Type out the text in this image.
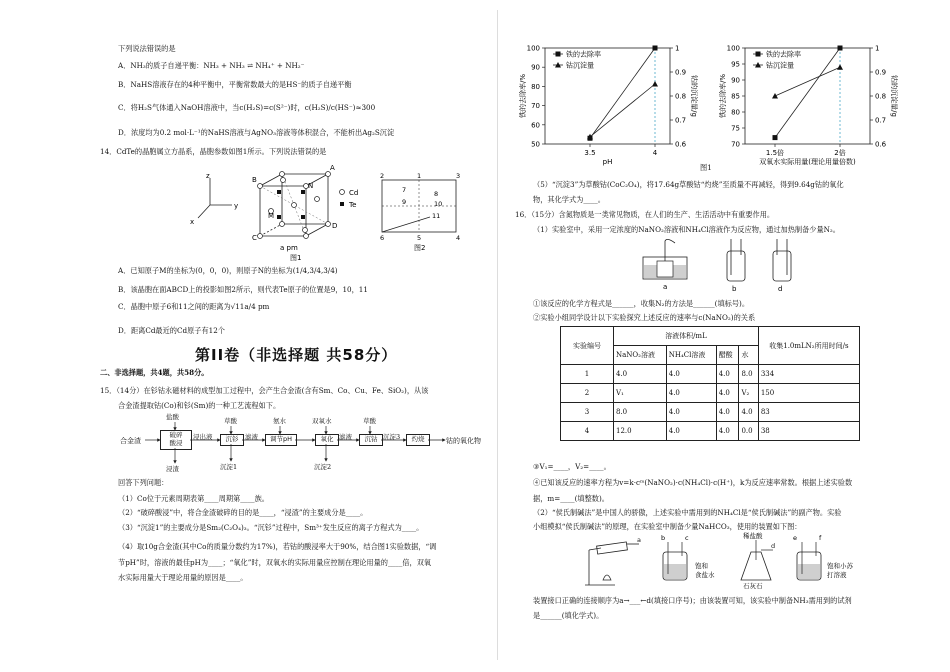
下列说法错误的是
A．NH₃的质子自递平衡：NH₃ + NH₃ ⇌ NH₄⁺ + NH₂⁻
B．NaHS溶液存在的4种平衡中，平衡常数最大的是HS⁻的质子自递平衡
C．将H₂S气体通入NaOH溶液中，当c(H₂S)=c(S²⁻)时，c(H₂S)/c(HS⁻)≈300
D．浓度均为0.2 mol·L⁻¹的NaHS溶液与AgNO₃溶液等体积混合，不能析出Ag₂S沉淀
14．CdTe的晶胞属立方晶系，晶胞参数如图1所示。下列说法错误的是
z
y
x
B
A
C
D
M
N
a pm
图1
Cd
Te
2	1	3
7	8
9	10
11
6	5	4
图2
A．已知原子M的坐标为(0，0，0)，则原子N的坐标为(1/4,3/4,3/4)
B．该晶胞在面ABCD上的投影如图2所示，则代表Te原子的位置是9，10，11
C．晶胞中原子6和11之间的距离为√11a/4 pm
D．距离Cd最近的Cd原子有12个
第II卷（非选择题 共58分）
二、非选择题，共4题，共58分。
15．（14分）在钐钴永磁材料的成型加工过程中，会产生合金渣(含有Sm、Co、Cu、Fe、SiO₂)，从该
合金渣提取钴(Co)和钐(Sm)的一种工艺流程如下。
合金渣
破碎
酸浸	沉钐	调节pH	氧化	沉钴	灼烧	钴的氧化物
盐酸	草酸	氨水	双氧水	草酸
浸出液	滤液	滤液	沉淀3
浸渣	沉淀1	沉淀2
回答下列问题：
（1）Co位于元素周期表第____周期第____族。
（2）“破碎酸浸”中，将合金渣破碎的目的是____，“浸渣”的主要成分是____。
（3）“沉淀1”的主要成分是Sm₂(C₂O₄)₃。“沉钐”过程中，Sm³⁺发生反应的离子方程式为____。
（4）取10g合金渣(其中Co的质量分数约为17%)，若钴的酸浸率大于90%，结合图1实验数据，“调
节pH”时，溶液的最佳pH为____；“氧化”时，双氧水的实际用量应控制在理论用量的____倍，双氧
水实际用量大于理论用量的原因是____。
50
60
70
80
90
100
0.6
0.7
0.8
0.9
1
3.5	4
铁的去除率
钴沉淀量
铁的去除率/%	钴的沉淀量/g
pH
70
75
80
85
90
95
100
0.6
0.7
0.8
0.9
1
1.5倍	2倍
铁的去除率
钴沉淀量
铁的去除率/%	钴的沉淀量/g
双氧水实际用量(理论用量倍数)
图1
（5）“沉淀3”为草酸钴(CoC₂O₄)，将17.64g草酸钴“灼烧”至质量不再减轻，得到9.64g钴的氧化
物，其化学式为____。
16．（15分）含氮物质是一类常见物质，在人们的生产、生活活动中有重要作用。
（1）实验室中，采用一定浓度的NaNO₂溶液和NH₄Cl溶液作为反应物，通过加热制备少量N₂。
a	b	d
①该反应的化学方程式是______，收集N₂的方法是______(填标号)。
②实验小组同学设计以下实验探究上述反应的速率与c(NaNO₂)的关系
实验编号	溶液体积/mL				收集1.0mLN₂所用时间/s
	NaNO₂溶液	NH₄Cl溶液	醋酸	水	
1	4.0	4.0	4.0	8.0	334
2	V₁	4.0	4.0	V₂	150
3	8.0	4.0	4.0	4.0	83
4	12.0	4.0	4.0	0.0	38
③V₁=____，V₂=____。
④已知该反应的速率方程为v=k·cᵐ(NaNO₂)·c(NH₄Cl)·c(H⁺)，k为反应速率常数。根据上述实验数
据，m=____(填整数)。
（2）“侯氏制碱法”是中国人的骄傲，上述实验中需用到的NH₄Cl是“侯氏制碱法”的副产物。实验
小组模拟“侯氏制碱法”的原理，在实验室中制备少量NaHCO₃，使用的装置如下图：
a	b	c
饱和
食盐水
稀盐酸
d
石灰石
e	f
饱和小苏
打溶液
装置接口正确的连接顺序为a→___←d(填接口序号)；由该装置可知，该实验中制备NH₃需用到的试剂
是______(填化学式)。
